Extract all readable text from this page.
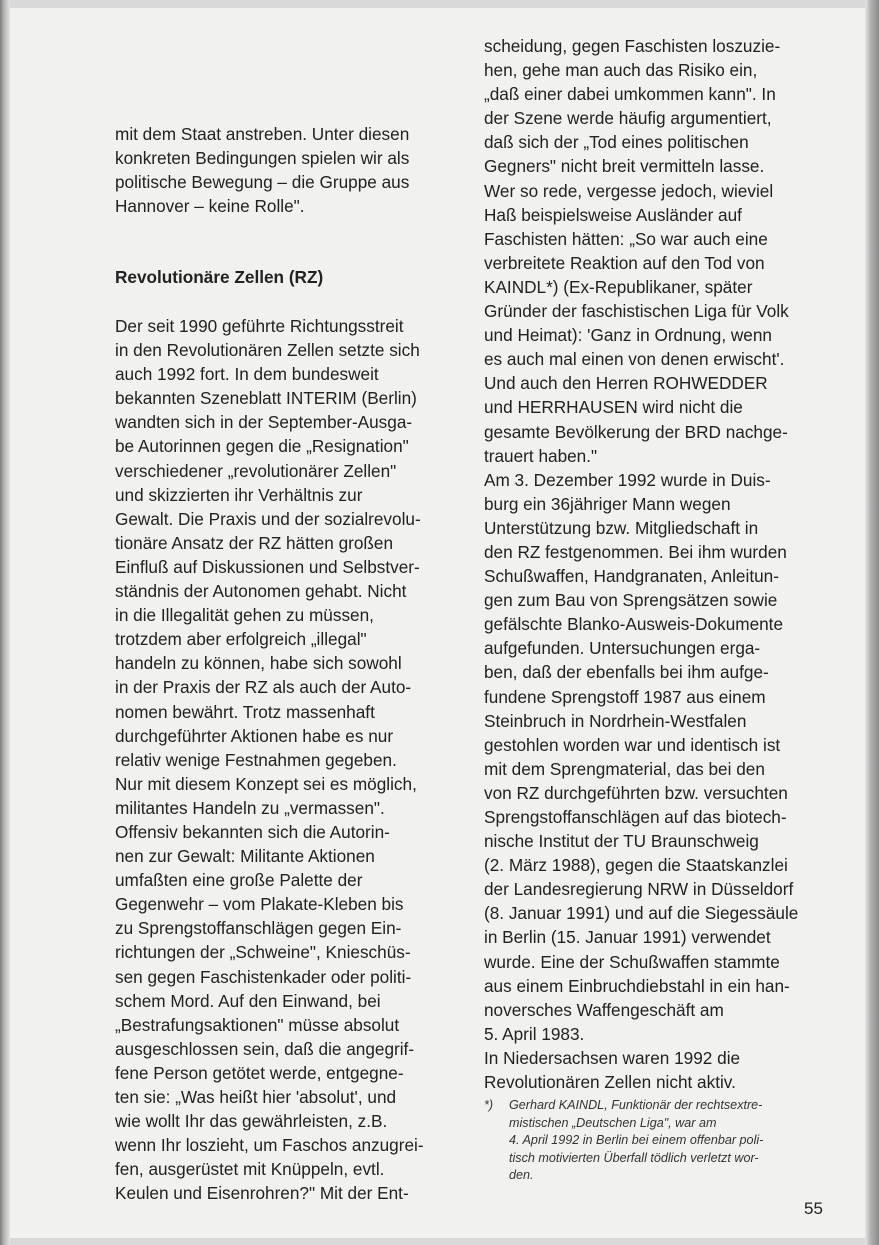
mit dem Staat anstreben. Unter diesen
konkreten Bedingungen spielen wir als
politische Bewegung – die Gruppe aus
Hannover – keine Rolle".
Revolutionäre Zellen (RZ)
Der seit 1990 geführte Richtungsstreit
in den Revolutionären Zellen setzte sich
auch 1992 fort. In dem bundesweit
bekannten Szeneblatt INTERIM (Berlin)
wandten sich in der September-Ausga-
be Autorinnen gegen die „Resignation"
verschiedener „revolutionärer Zellen"
und skizzierten ihr Verhältnis zur
Gewalt. Die Praxis und der sozialrevolu-
tionäre Ansatz der RZ hätten großen
Einfluß auf Diskussionen und Selbstver-
ständnis der Autonomen gehabt. Nicht
in die Illegalität gehen zu müssen,
trotzdem aber erfolgreich „illegal"
handeln zu können, habe sich sowohl
in der Praxis der RZ als auch der Auto-
nomen bewährt. Trotz massenhaft
durchgeführter Aktionen habe es nur
relativ wenige Festnahmen gegeben.
Nur mit diesem Konzept sei es möglich,
militantes Handeln zu „vermassen".
Offensiv bekannten sich die Autorin-
nen zur Gewalt: Militante Aktionen
umfaßten eine große Palette der
Gegenwehr – vom Plakate-Kleben bis
zu Sprengstoffanschlägen gegen Ein-
richtungen der „Schweine", Knieschüs-
sen gegen Faschistenkader oder politi-
schem Mord. Auf den Einwand, bei
„Bestrafungsaktionen" müsse absolut
ausgeschlossen sein, daß die angegrif-
fene Person getötet werde, entgegne-
ten sie: „Was heißt hier 'absolut', und
wie wollt Ihr das gewährleisten, z.B.
wenn Ihr loszieht, um Faschos anzugrei-
fen, ausgerüstet mit Knüppeln, evtl.
Keulen und Eisenrohren?" Mit der Ent-
scheidung, gegen Faschisten loszuzie-
hen, gehe man auch das Risiko ein,
„daß einer dabei umkommen kann". In
der Szene werde häufig argumentiert,
daß sich der „Tod eines politischen
Gegners" nicht breit vermitteln lasse.
Wer so rede, vergesse jedoch, wieviel
Haß beispielsweise Ausländer auf
Faschisten hätten: „So war auch eine
verbreitete Reaktion auf den Tod von
KAINDL*) (Ex-Republikaner, später
Gründer der faschistischen Liga für Volk
und Heimat): 'Ganz in Ordnung, wenn
es auch mal einen von denen erwischt'.
Und auch den Herren ROHWEDDER
und HERRHAUSEN wird nicht die
gesamte Bevölkerung der BRD nachge-
trauert haben."
Am 3. Dezember 1992 wurde in Duis-
burg ein 36jähriger Mann wegen
Unterstützung bzw. Mitgliedschaft in
den RZ festgenommen. Bei ihm wurden
Schußwaffen, Handgranaten, Anleitun-
gen zum Bau von Sprengsätzen sowie
gefälschte Blanko-Ausweis-Dokumente
aufgefunden. Untersuchungen erga-
ben, daß der ebenfalls bei ihm aufge-
fundene Sprengstoff 1987 aus einem
Steinbruch in Nordrhein-Westfalen
gestohlen worden war und identisch ist
mit dem Sprengmaterial, das bei den
von RZ durchgeführten bzw. versuchten
Sprengstoffanschlägen auf das biotech-
nische Institut der TU Braunschweig
(2. März 1988), gegen die Staatskanzlei
der Landesregierung NRW in Düsseldorf
(8. Januar 1991) und auf die Siegessäule
in Berlin (15. Januar 1991) verwendet
wurde. Eine der Schußwaffen stammte
aus einem Einbruchdiebstahl in ein han-
noversches Waffengeschäft am
5. April 1983.
In Niedersachsen waren 1992 die
Revolutionären Zellen nicht aktiv.

*) Gerhard KAINDL, Funktionär der rechtsextre-
mistischen „Deutschen Liga", war am
4. April 1992 in Berlin bei einem offenbar poli-
tisch motivierten Überfall tödlich verletzt wor-
den.

55
